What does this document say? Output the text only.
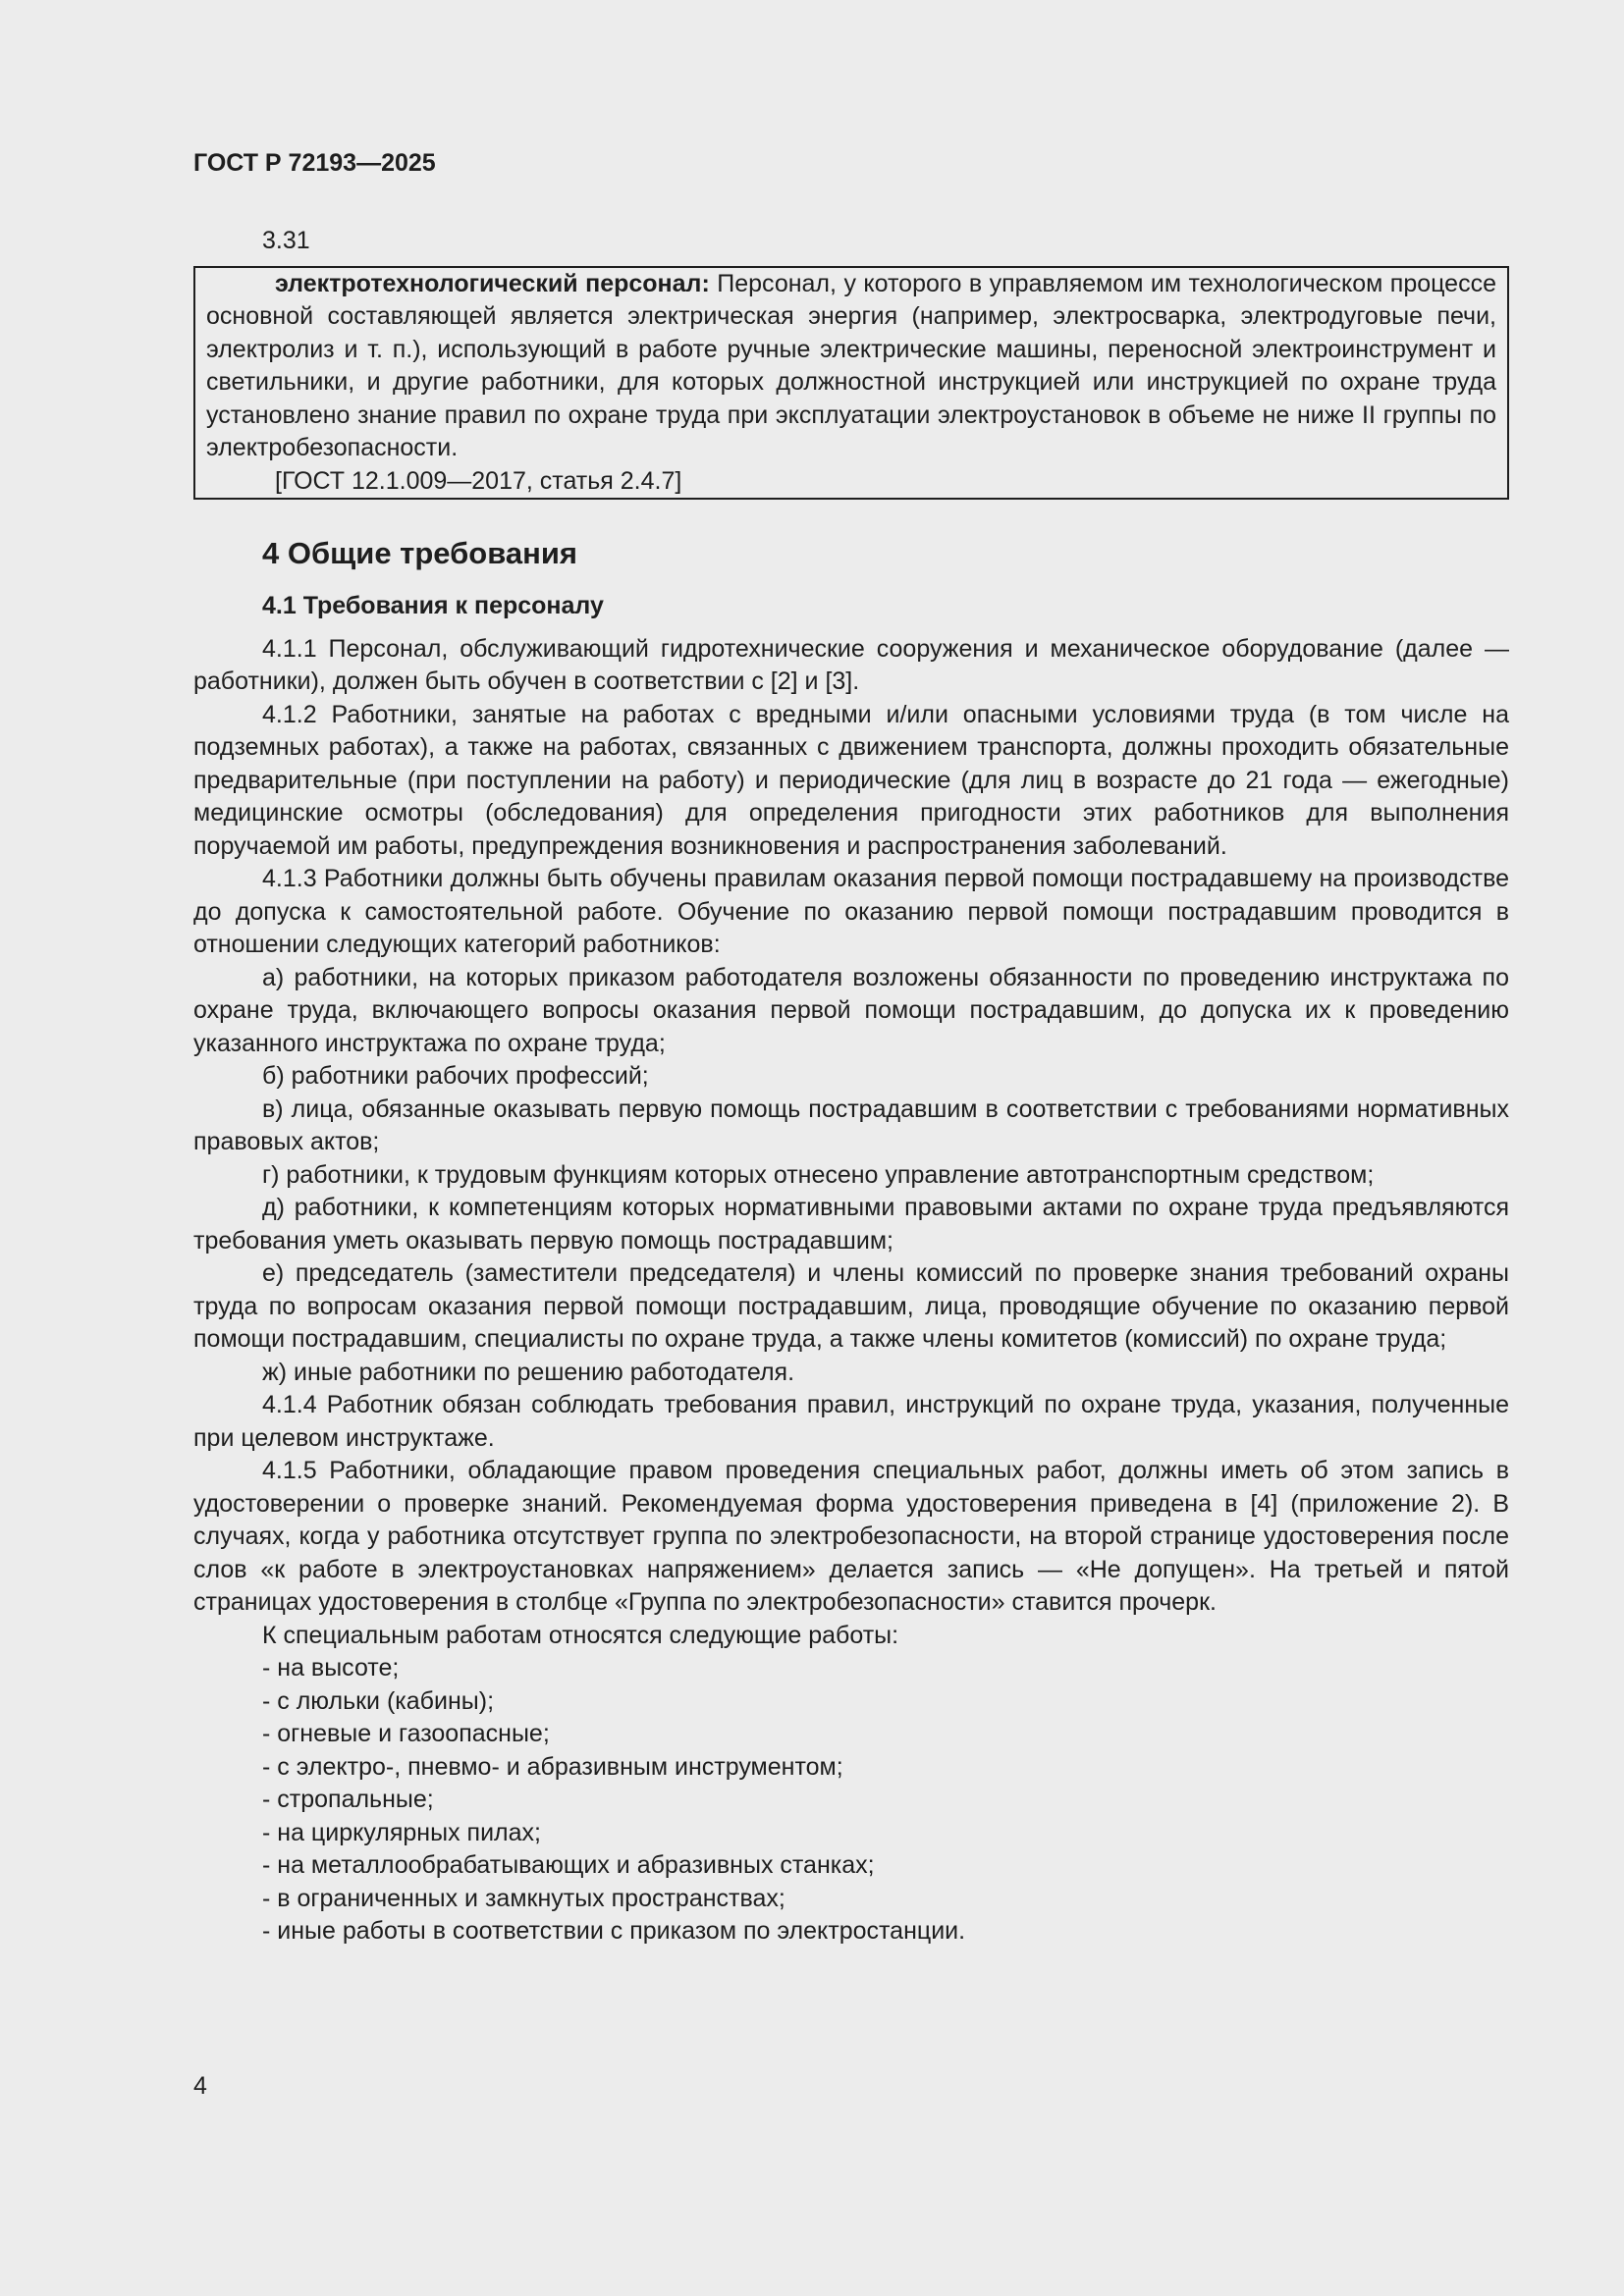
ГОСТ Р 72193—2025
3.31

электротехнологический персонал: Персонал, у которого в управляемом им технологическом процессе основной составляющей является электрическая энергия (например, электросварка, электродуговые печи, электролиз и т. п.), использующий в работе ручные электрические машины, переносной электроинструмент и светильники, и другие работники, для которых должностной инструкцией или инструкцией по охране труда установлено знание правил по охране труда при эксплуатации электроустановок в объеме не ниже II группы по электробезопасности.

[ГОСТ 12.1.009—2017, статья 2.4.7]

4 Общие требования
4.1 Требования к персоналу

4.1.1 Персонал, обслуживающий гидротехнические сооружения и механическое оборудование (далее — работники), должен быть обучен в соответствии с [2] и [3].

4.1.2 Работники, занятые на работах с вредными и/или опасными условиями труда (в том числе на подземных работах), а также на работах, связанных с движением транспорта, должны проходить обязательные предварительные (при поступлении на работу) и периодические (для лиц в возрасте до 21 года — ежегодные) медицинские осмотры (обследования) для определения пригодности этих работников для выполнения поручаемой им работы, предупреждения возникновения и распространения заболеваний.

4.1.3 Работники должны быть обучены правилам оказания первой помощи пострадавшему на производстве до допуска к самостоятельной работе. Обучение по оказанию первой помощи пострадавшим проводится в отношении следующих категорий работников:

а) работники, на которых приказом работодателя возложены обязанности по проведению инструктажа по охране труда, включающего вопросы оказания первой помощи пострадавшим, до допуска их к проведению указанного инструктажа по охране труда;

б) работники рабочих профессий;

в) лица, обязанные оказывать первую помощь пострадавшим в соответствии с требованиями нормативных правовых актов;

г) работники, к трудовым функциям которых отнесено управление автотранспортным средством;

д) работники, к компетенциям которых нормативными правовыми актами по охране труда предъявляются требования уметь оказывать первую помощь пострадавшим;

е) председатель (заместители председателя) и члены комиссий по проверке знания требований охраны труда по вопросам оказания первой помощи пострадавшим, лица, проводящие обучение по оказанию первой помощи пострадавшим, специалисты по охране труда, а также члены комитетов (комиссий) по охране труда;

ж) иные работники по решению работодателя.

4.1.4 Работник обязан соблюдать требования правил, инструкций по охране труда, указания, полученные при целевом инструктаже.

4.1.5 Работники, обладающие правом проведения специальных работ, должны иметь об этом запись в удостоверении о проверке знаний. Рекомендуемая форма удостоверения приведена в [4] (приложение 2). В случаях, когда у работника отсутствует группа по электробезопасности, на второй странице удостоверения после слов «к работе в электроустановках напряжением» делается запись — «Не допущен». На третьей и пятой страницах удостоверения в столбце «Группа по электробезопасности» ставится прочерк.

К специальным работам относятся следующие работы:

- на высоте;
- с люльки (кабины);
- огневые и газоопасные;
- с электро-, пневмо- и абразивным инструментом;
- стропальные;
- на циркулярных пилах;
- на металлообрабатывающих и абразивных станках;
- в ограниченных и замкнутых пространствах;
- иные работы в соответствии с приказом по электростанции.
4
